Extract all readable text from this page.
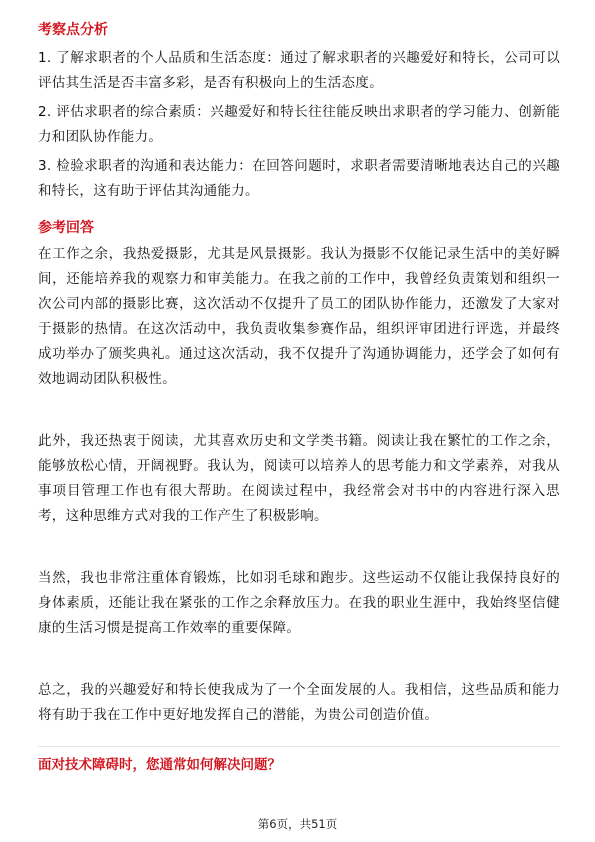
考察点分析

1. 了解求职者的个人品质和生活态度：通过了解求职者的兴趣爱好和特长，公司可以评估其生活是否丰富多彩，是否有积极向上的生活态度。

2. 评估求职者的综合素质：兴趣爱好和特长往往能反映出求职者的学习能力、创新能力和团队协作能力。

3. 检验求职者的沟通和表达能力：在回答问题时，求职者需要清晰地表达自己的兴趣和特长，这有助于评估其沟通能力。

参考回答

在工作之余，我热爱摄影，尤其是风景摄影。我认为摄影不仅能记录生活中的美好瞬间，还能培养我的观察力和审美能力。在我之前的工作中，我曾经负责策划和组织一次公司内部的摄影比赛，这次活动不仅提升了员工的团队协作能力，还激发了大家对于摄影的热情。在这次活动中，我负责收集参赛作品，组织评审团进行评选，并最终成功举办了颁奖典礼。通过这次活动，我不仅提升了沟通协调能力，还学会了如何有效地调动团队积极性。

此外，我还热衷于阅读，尤其喜欢历史和文学类书籍。阅读让我在繁忙的工作之余，能够放松心情，开阔视野。我认为，阅读可以培养人的思考能力和文学素养，对我从事项目管理工作也有很大帮助。在阅读过程中，我经常会对书中的内容进行深入思考，这种思维方式对我的工作产生了积极影响。

当然，我也非常注重体育锻炼，比如羽毛球和跑步。这些运动不仅能让我保持良好的身体素质，还能让我在紧张的工作之余释放压力。在我的职业生涯中，我始终坚信健康的生活习惯是提高工作效率的重要保障。

总之，我的兴趣爱好和特长使我成为了一个全面发展的人。我相信，这些品质和能力将有助于我在工作中更好地发挥自己的潜能，为贵公司创造价值。

面对技术障碍时，您通常如何解决问题？

第6页，共51页
